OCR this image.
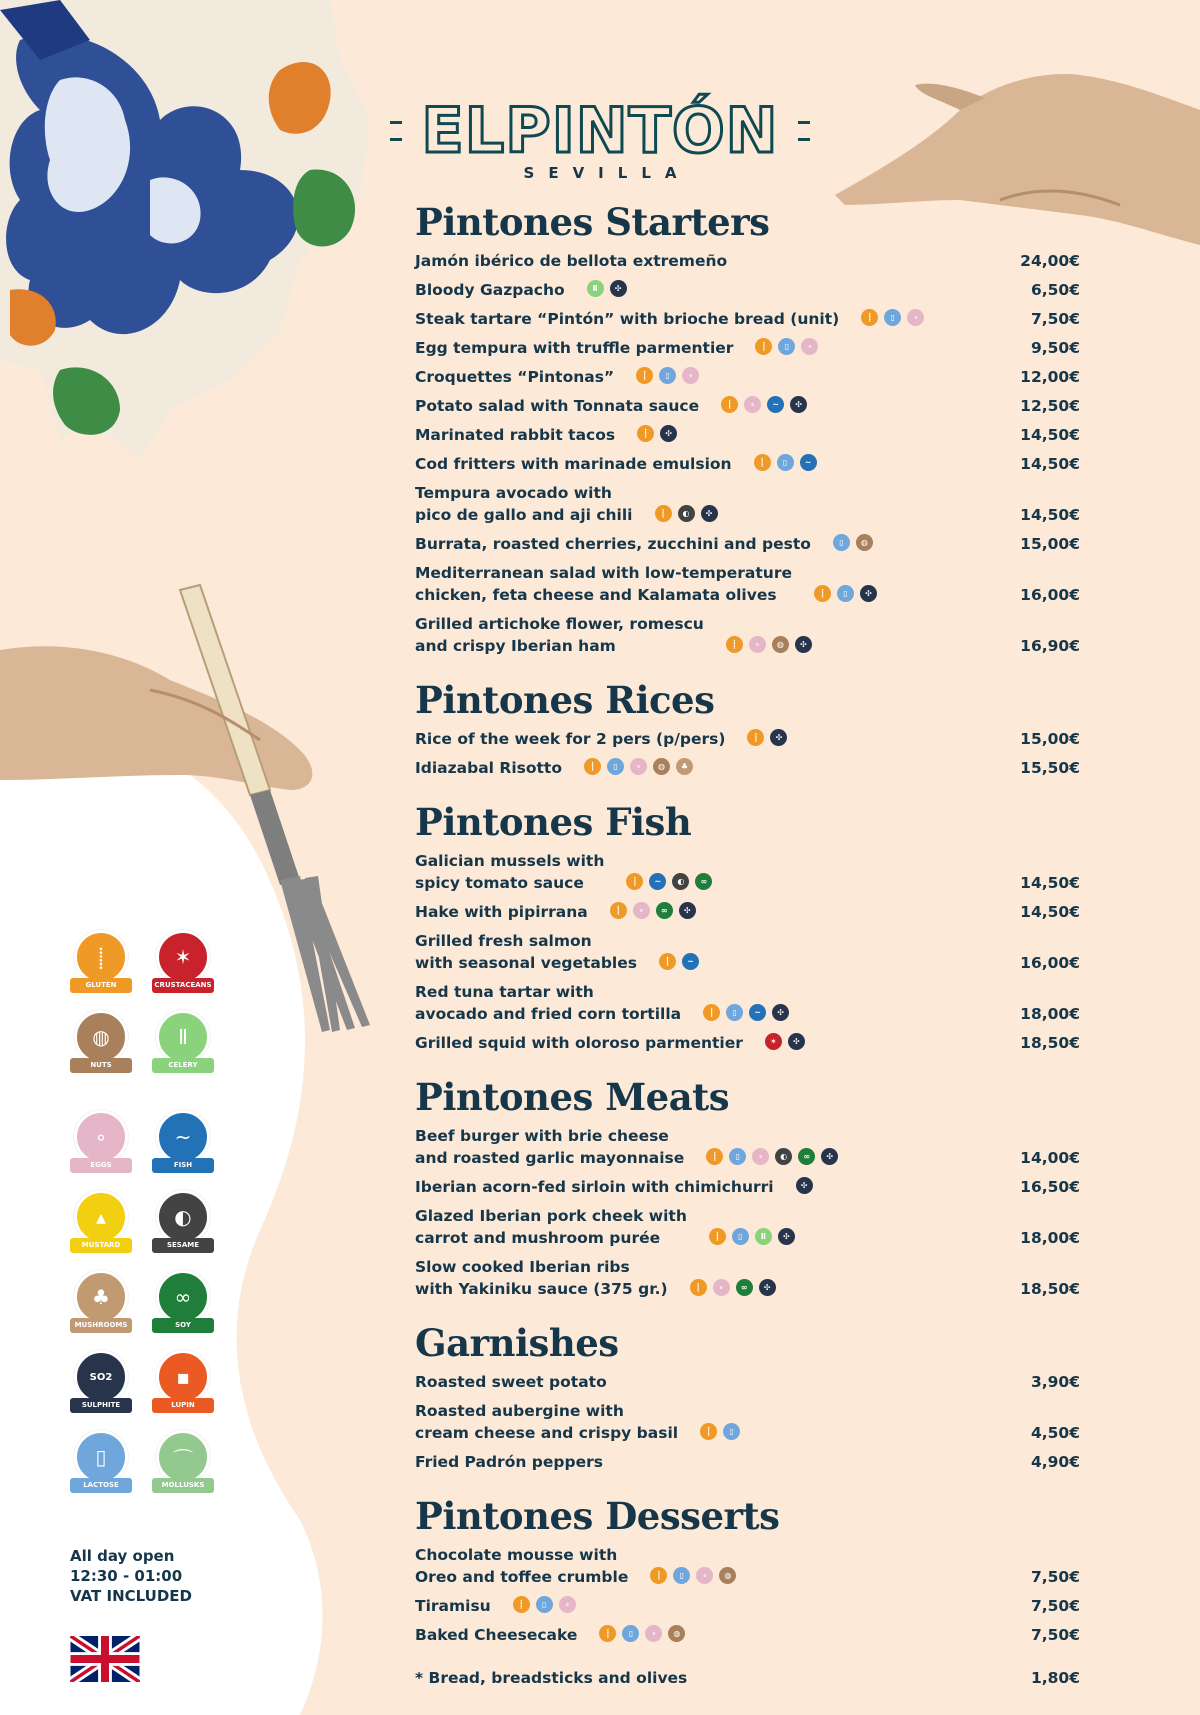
ELPINTÓN
SEVILLA
Pintones Starters
Jamón ibérico de bellota extremeño	24,00€
Bloody Gazpacho	Ⅱ	✣	6,50€
Steak tartare “Pintón” with brioche bread (unit)	⸽	▯	∘	7,50€
Egg tempura with truffle parmentier	⸽	▯	∘	9,50€
Croquettes “Pintonas”	⸽	▯	∘	12,00€
Potato salad with Tonnata sauce	⸽	∘	~	✣	12,50€
Marinated rabbit tacos	⸽	✣	14,50€
Cod fritters with marinade emulsion	⸽	▯	~	14,50€
Tempura avocado with
pico de gallo and aji chili	⸽	◐	✣	14,50€
Burrata, roasted cherries, zucchini and pesto	▯	◍	15,00€
Mediterranean salad with low-temperature
chicken, feta cheese and Kalamata olives	⸽	▯	✣	16,00€
Grilled artichoke flower, romescu
and crispy Iberian ham	⸽	∘	◍	✣	16,90€
Pintones Rices
Rice of the week for 2 pers (p/pers)	⸽	✣	15,00€
Idiazabal Risotto	⸽	▯	∘	◍	♣	15,50€
Pintones Fish
Galician mussels with
spicy tomato sauce	⸽	~	◐	∞	14,50€
Hake with pipirrana	⸽	∘	∞	✣	14,50€
Grilled fresh salmon
with seasonal vegetables	⸽	~	16,00€
Red tuna tartar with
avocado and fried corn tortilla	⸽	▯	~	✣	18,00€
Grilled squid with oloroso parmentier	✶	✣	18,50€
Pintones Meats
Beef burger with brie cheese
and roasted garlic mayonnaise	⸽	▯	∘	◐	∞	✣	14,00€
Iberian acorn-fed sirloin with chimichurri	✣	16,50€
Glazed Iberian pork cheek with
carrot and mushroom purée	⸽	▯	Ⅱ	✣	18,00€
Slow cooked Iberian ribs
with Yakiniku sauce (375 gr.)	⸽	∘	∞	✣	18,50€
Garnishes
Roasted sweet potato	3,90€
Roasted aubergine with
cream cheese and crispy basil	⸽	▯	4,50€
Fried Padrón peppers	4,90€
Pintones Desserts
Chocolate mousse with
Oreo and toffee crumble	⸽	▯	∘	◍	7,50€
Tiramisu	⸽	▯	∘	7,50€
Baked Cheesecake	⸽	▯	∘	◍	7,50€
* Bread, breadsticks and olives	1,80€
⸽
GLUTEN
✶
CRUSTACEANS
◍
NUTS
Ⅱ
CELERY
∘
EGGS
~
FISH
▴
MUSTARD
◐
SESAME
♣
MUSHROOMS
∞
SOY
SO2
SULPHITE
▪
LUPIN
▯
LACTOSE
⌒
MOLLUSKS
All day open
12:30 - 01:00
VAT INCLUDED
